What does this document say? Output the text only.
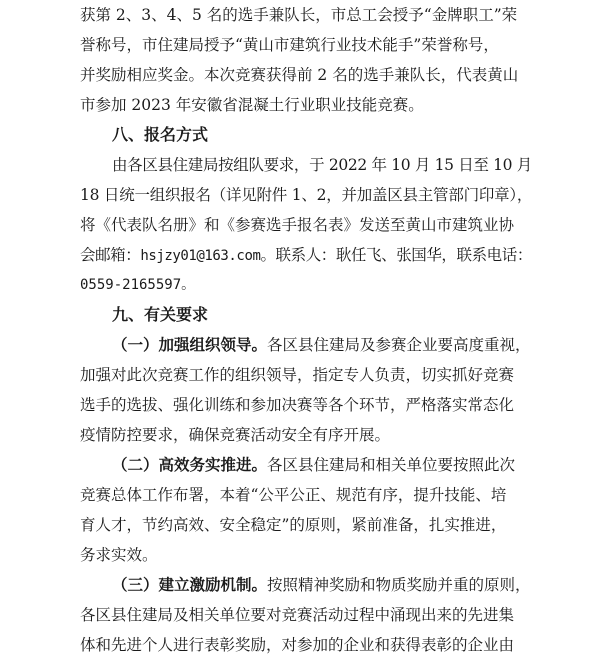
获第 2、3、4、5 名的选手兼队长，市总工会授予“金牌职工”荣
誉称号，市住建局授予“黄山市建筑行业技术能手”荣誉称号，
并奖励相应奖金。本次竞赛获得前 2 名的选手兼队长，代表黄山
市参加 2023 年安徽省混凝土行业职业技能竞赛。
八、报名方式
由各区县住建局按组队要求，于 2022 年 10 月 15 日至 10 月
18 日统一组织报名（详见附件 1、2，并加盖区县主管部门印章），
将《代表队名册》和《参赛选手报名表》发送至黄山市建筑业协
会邮箱：hsjzy01@163.com。联系人：耿任飞、张国华，联系电话：
0559-2165597。
九、有关要求
（一）加强组织领导。各区县住建局及参赛企业要高度重视，
加强对此次竞赛工作的组织领导，指定专人负责，切实抓好竞赛
选手的选拔、强化训练和参加决赛等各个环节，严格落实常态化
疫情防控要求，确保竞赛活动安全有序开展。
（二）高效务实推进。各区县住建局和相关单位要按照此次
竞赛总体工作布署，本着“公平公正、规范有序，提升技能、培
育人才，节约高效、安全稳定”的原则，紧前准备，扎实推进，
务求实效。
（三）建立激励机制。按照精神奖励和物质奖励并重的原则，
各区县住建局及相关单位要对竞赛活动过程中涌现出来的先进集
体和先进个人进行表彰奖励，对参加的企业和获得表彰的企业由
